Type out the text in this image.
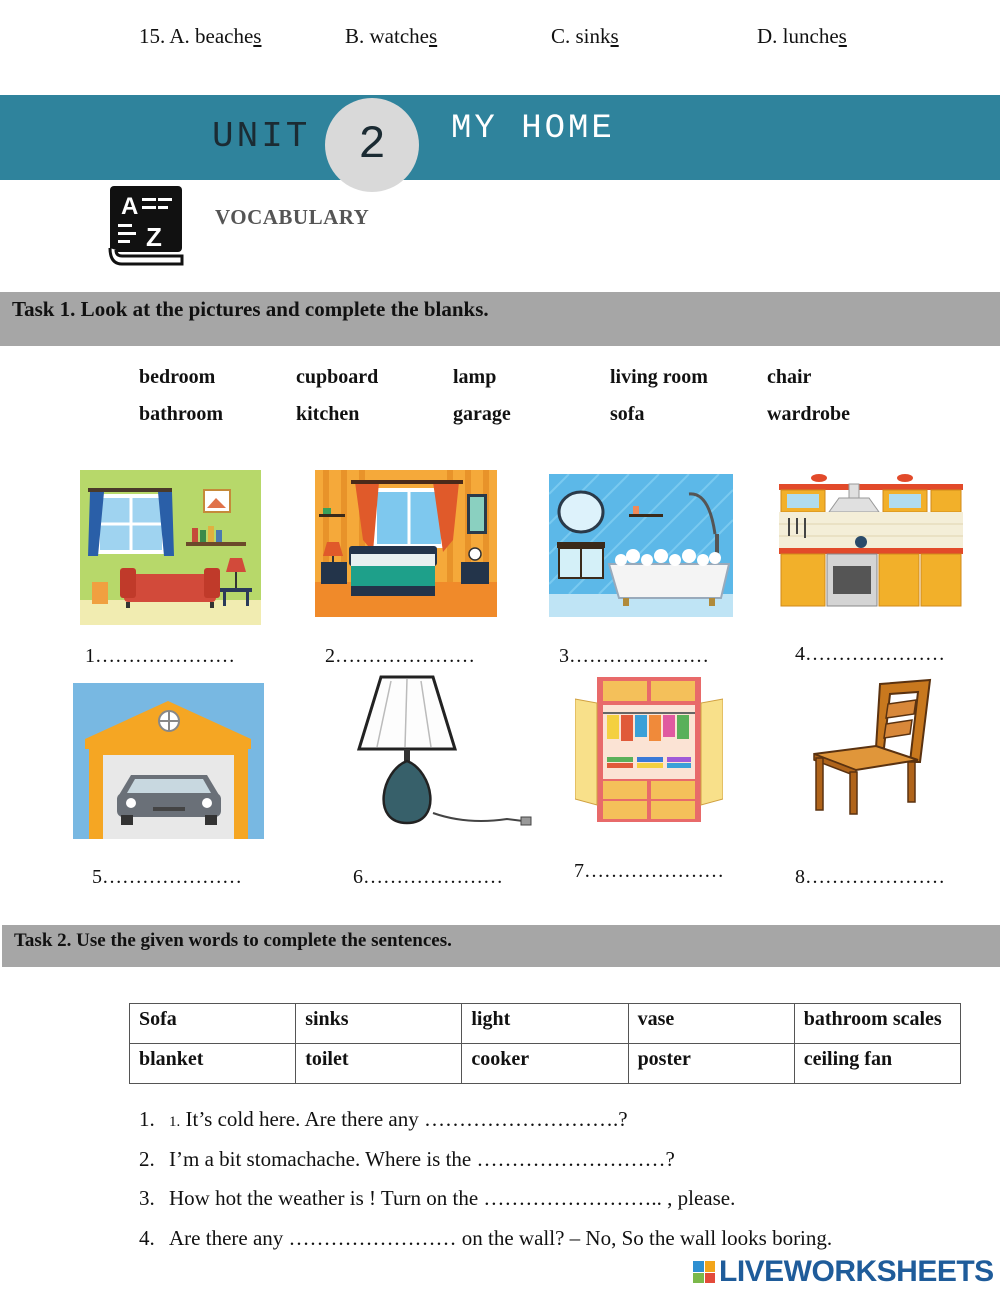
15. A. beaches	B. watches	C. sinks	D. lunches
UNIT 2 MY HOME
A
Z
VOCABULARY
Task 1. Look at the pictures and complete the blanks.
bedroom	cupboard	lamp	living room	chair
bathroom	kitchen	garage	sofa	wardrobe
1…………………	2…………………	3…………………	4…………………
5…………………	6…………………	7…………………	8…………………
Task 2. Use the given words to complete the sentences.
Sofa	sinks	light	vase	bathroom scales
blanket	toilet	cooker	poster	ceiling fan
1. 1. It’s cold here. Are there any ……………………….?
2. I’m a bit stomachache. Where is the ………………………?
3. How hot the weather is ! Turn on the …………………….. , please.
4. Are there any …………………… on the wall? – No, So the wall looks boring.
LIVEWORKSHEETS
